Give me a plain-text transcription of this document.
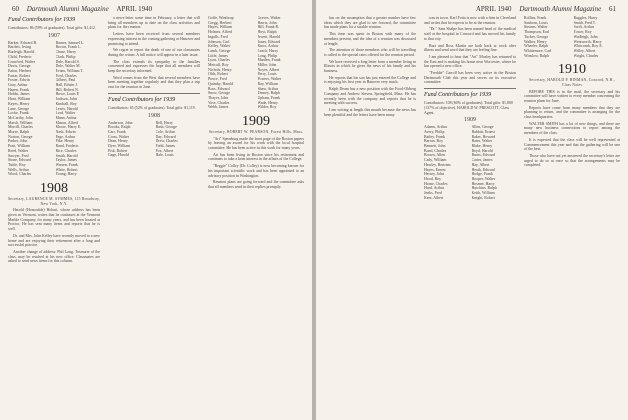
60 Dartmouth Alumni Magazine APRIL 1940
Fund Contributors for 1939
Contributors: 86 (59% of graduates). Total gifts: $1,412.
1907
Barker, Edward B.	Barnes, Samuel L.
Bartlett, Irving	Brown, Frank L.
Burleigh, Harold	Chase, Harry
Child, Frederic	Clark, Philip
Crawford, Walter	Dale, Harold S.
Davis, George	Dole, Walter M.
Eaton, Herbert	Evans, William T.
Farrar, Robert	Ford, Charles
Foster, Edwin	Gilbert, Paul
Gray, Arthur	Hall, Edwin J.
Hazen, Frank	Hill, Robert N.
Hobbs, James	Howe, Louis P.
Hunt, William	Jackson, John
Keyes, Henry	Kimball, Roy
Lane, George	Lewis, Harold
Locke, Frank	Lord, Walter
McCarthy, John	Mann, Arthur
Marsh, William	Mason, Alfred
Merrill, Charles	Moore, Harry E.
Morse, Ralph	Nash, Edwin
Norton, George	Page, Arthur
Parker, John	Pike, Henry
Pratt, William	Rand, Frederic
Reed, Walter	Rice, Charles
Sawyer, Fred	Smith, Harold
Stone, Edward	Taylor, James
Tuttle, Roy	Warren, Frank
Wells, Arthur	White, Robert
Wood, Charles	Young, Harry
1908
Secretary, LAURENCE M. SYMMES, 115 Broadway, New York, N.Y.

Harold (Honorable) Hobart, whose address has been given as Vermont, writes that he continues at the Vermont Marble Company, for many years, and has been located at Proctor. He has sent many items and reports that he is well.

Dr. and Mrs. John Kelley have recently moved to a new home and are enjoying their retirement after a long and successful practice.

Another change of address: Phil Long, Treasurer of the class, may be reached at his new office. Classmates are asked to send news items for this column.

a news-letter some time in February, a letter that will bring all members up to date on the class activities and plans for the reunion.

Letters have been received from several members expressing interest in the coming gathering at Hanover and promising to attend.

We regret to report the death of one of our classmates during the winter. A full notice will appear in a later issue.

The class extends its sympathy to the families concerned and expresses the hope that all members will keep the secretary informed.

Word comes from the West that several members have been meeting together regularly and that they plan a trip east for the reunion in June.

Fund Contributors for 1939
Contributors: 65 (52% of graduates). Total gifts: $1,119.
1908
Anderson, John	Bell, Harry
Brooks, Ralph	Bush, George
Carr, Frank	Cole, Arthur
Cross, Walter	Day, Edward
Dean, Henry	Drew, Charles
Dyer, William	Field, James
Fisk, Robert	Fox, Albert
Gage, Harold	Hale, Louis
Goffe, Winthrop	Graves, Walter
Gregg, Herbert	Harris, John
Hayes, William	Hill, Frank R.
Holmes, Alfred	Hoyt, Ralph
Ingalls, Fred	Jewett, Harold
Johnson, Carl	Jones, Edward
Kelley, Walter	Knox, Arthur
Lamb, George	Leach, Harry
Little, James	Long, Philip
Lyon, Charles	Marden, Frank
Metcalf, Roy	Miller, John
Nichols, Henry	Noyes, Albert
Olds, Robert	Perry, Louis
Pierce, Fred	Powers, Walter
Quimby, Harold	Ray, William
Ross, Edward	Shaw, Arthur
Snow, George	Tenney, Ralph
Thayer, John	Upham, Frank
Vose, Charles	Wade, Henry
Webb, James	Wilder, Roy
1909
Secretary, ROBERT W. PEARSON, Forest Hills, Mass.

"Art" Spearburg made the front page of the Boston papers by leaving an award for his work with the local hospital committee. He has been active in this work for many years.

Art has been living in Boston since his retirement and continues to take a keen interest in the affairs of the College.

"Reggie" Colley (Dr. Colley) is now becoming known for his important scientific work and has been appointed to an advisory position in Washington.

Reunion plans are going forward and the committee asks that all members send in their replies promptly.

APRIL 1940 Dartmouth Alumni Magazine 61

has on the assumption that a greater number have few ideas which they are glad to see forward, the committee has made plans for a sizable reunion.

This time was spent in Boston with many of the members present, and the idea of a reunion was discussed at length.

The attention of those members who will be travelling is called to the special rates offered for the reunion period.

We have received a long letter from a member living in Illinois in which he gives the news of his family and his business.

He reports that his son has just entered the College and is enjoying his first year in Hanover very much.

Ralph Deam has a new position with the Food-Ohberg Company and Andrew Steven, Springfield, Mass. He has recently been with the company and reports that he is meeting with success.

I am writing at length this month because the news has been plentiful and the letters have been many.

was in town. Karl Fotta is now with a firm in Cleveland and writes that he expects to be at the reunion.

"Dr." Sam Shalpe has been named head of the medical staff at the hospital in Concord and has moved his family to that city.

Burt and Ross Martin are both back at work after illness and send word that they are feeling fine.

I am pleased to hear that "Art" Mozley has returned to the East and is making his home near Worcester, where he has opened a new office.

"Freddie" Carroll has been very active in the Boston Dartmouth Club this year and serves on its executive committee.

Fund Contributors for 1939
Contributors: 108 (60% of graduates). Total gifts: $1,800 (137% of objective). HAROLD W. PRESCOTT, Class Agent.
1909
Adams, Arthur	Allen, George
Avery, Philip	Babbitt, Ernest
Bailey, Frank	Baker, Howard
Barton, Roy	Bates, Walter
Bennett, John	Blake, Henry
Bond, Charles	Boyd, Harold
Brown, Allen	Burns, Edward
Cady, William	Carter, James
Hawley, Bertram	Hay, Albert
Hayes, Ernest	Heath, Edward
Hersey, John	Hodge, Frank
Hood, Roy	Hooper, Walter
Horne, Charles	Hosmer, Harry
Hurd, Arthur	Hutchins, Ralph
Jenks, Fred	Keith, William
Kent, Albert	Knight, Robert
Rollins, Frank	Ruggles, Harry
Sanborn, Louis	Smith, Fred T.
Stearns, Walter	Swift, Arthur
Thompson, Earl	Tower, Roy
Tucker, George	Wadleigh, John
Walker, Henry	Wentworth, Harry
Wheeler, Ralph	Whitcomb, Roy E.
Whittemore, Carl	Willey, Albert
Winslow, Ralph	Wright, Charles
1910
Secretary, HAROLD P. HINMAN, Concord, N.H., Class Notes

BEFORE THIS is in the mail, the secretary and his committee will have written to every member concerning the reunion plans for June.

Reports have come from many members that they are planning to return, and the committee is arranging for the class headquarters.

WALTER SMITH has a lot of new things, and there are many new business connections to report among the members of the class.

It is expected that the class will be well represented at Commencement this year and that the gathering will be one of the best.

Those who have not yet answered the secretary's letter are urged to do so at once so that the arrangements may be completed.
